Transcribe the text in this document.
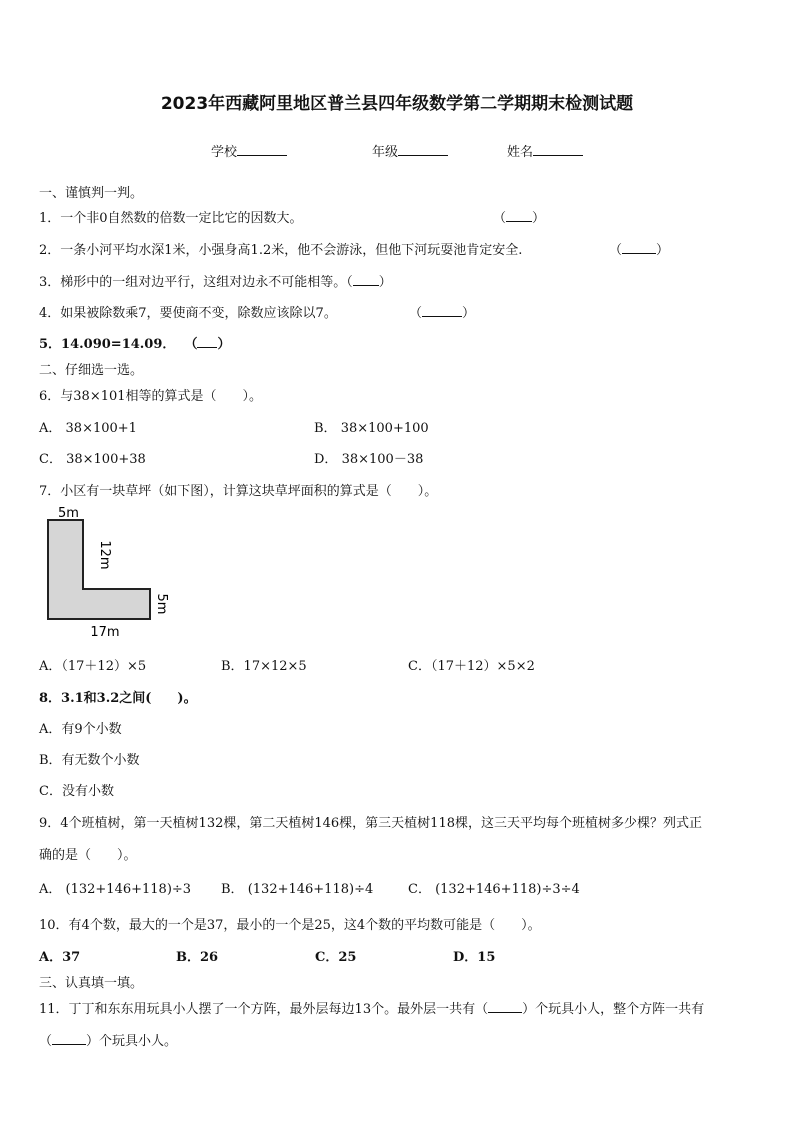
2023年西藏阿里地区普兰县四年级数学第二学期期末检测试题
学校	年级	姓名
一、谨慎判一判。
1．一个非0自然数的倍数一定比它的因数大。	（ ）
2．一条小河平均水深1米，小强身高1.2米，他不会游泳，但他下河玩耍池肯定安全.	（	）
3．梯形中的一组对边平行，这组对边永不可能相等。（ ）
4．如果被除数乘7，要使商不变，除数应该除以7。	（	）
5．14.090=14.09． （ ）
二、仔细选一选。
6．与38×101相等的算式是（　　）。
A． 38×100+1	B． 38×100+100
C． 38×100+38	D． 38×100－38
7．小区有一块草坪（如下图），计算这块草坪面积的算式是（　　）。
5m
12m
5m
17m
A．（17＋12）×5	B．17×12×5	C．（17＋12）×5×2
8．3.1和3.2之间(　　)。
A．有9个小数
B．有无数个小数
C．没有小数
9．4个班植树，第一天植树132棵，第二天植树146棵，第三天植树118棵，这三天平均每个班植树多少棵？列式正
确的是（　　）。
A． (132+146+118)÷3 B． (132+146+118)÷4	C． (132+146+118)÷3÷4
10．有4个数，最大的一个是37，最小的一个是25，这4个数的平均数可能是（　　）。
A．37	B．26	C．25	D．15
三、认真填一填。
11．丁丁和东东用玩具小人摆了一个方阵，最外层每边13个。最外层一共有（	）个玩具小人，整个方阵一共有
（	）个玩具小人。
